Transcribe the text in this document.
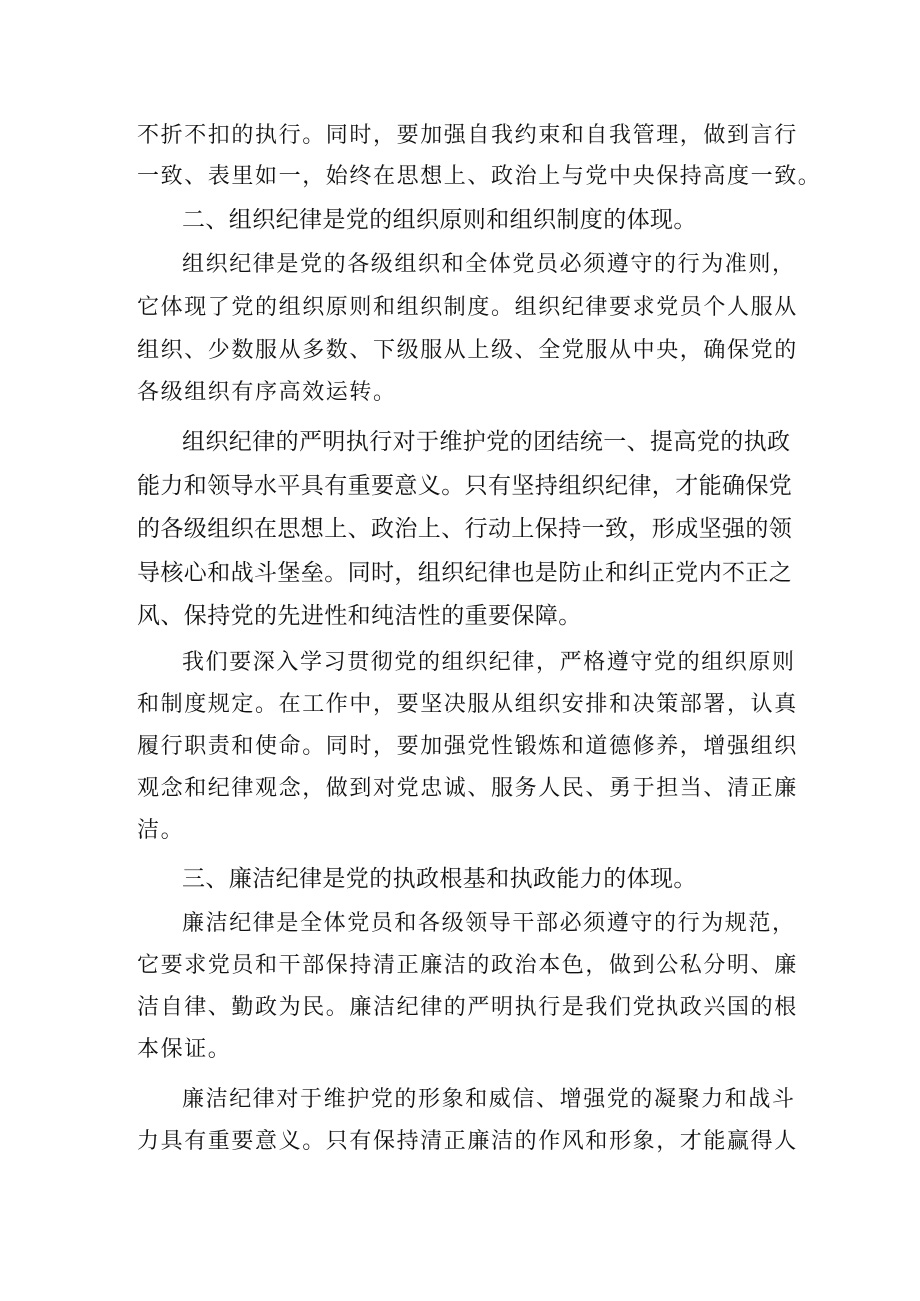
不折不扣的执行。同时，要加强自我约束和自我管理，做到言行

一致、表里如一，始终在思想上、政治上与党中央保持高度一致。

二、组织纪律是党的组织原则和组织制度的体现。

组织纪律是党的各级组织和全体党员必须遵守的行为准则，

它体现了党的组织原则和组织制度。组织纪律要求党员个人服从

组织、少数服从多数、下级服从上级、全党服从中央，确保党的

各级组织有序高效运转。

组织纪律的严明执行对于维护党的团结统一、提高党的执政

能力和领导水平具有重要意义。只有坚持组织纪律，才能确保党

的各级组织在思想上、政治上、行动上保持一致，形成坚强的领

导核心和战斗堡垒。同时，组织纪律也是防止和纠正党内不正之

风、保持党的先进性和纯洁性的重要保障。

我们要深入学习贯彻党的组织纪律，严格遵守党的组织原则

和制度规定。在工作中，要坚决服从组织安排和决策部署，认真

履行职责和使命。同时，要加强党性锻炼和道德修养，增强组织

观念和纪律观念，做到对党忠诚、服务人民、勇于担当、清正廉

洁。

三、廉洁纪律是党的执政根基和执政能力的体现。

廉洁纪律是全体党员和各级领导干部必须遵守的行为规范，

它要求党员和干部保持清正廉洁的政治本色，做到公私分明、廉

洁自律、勤政为民。廉洁纪律的严明执行是我们党执政兴国的根

本保证。

廉洁纪律对于维护党的形象和威信、增强党的凝聚力和战斗

力具有重要意义。只有保持清正廉洁的作风和形象，才能赢得人
